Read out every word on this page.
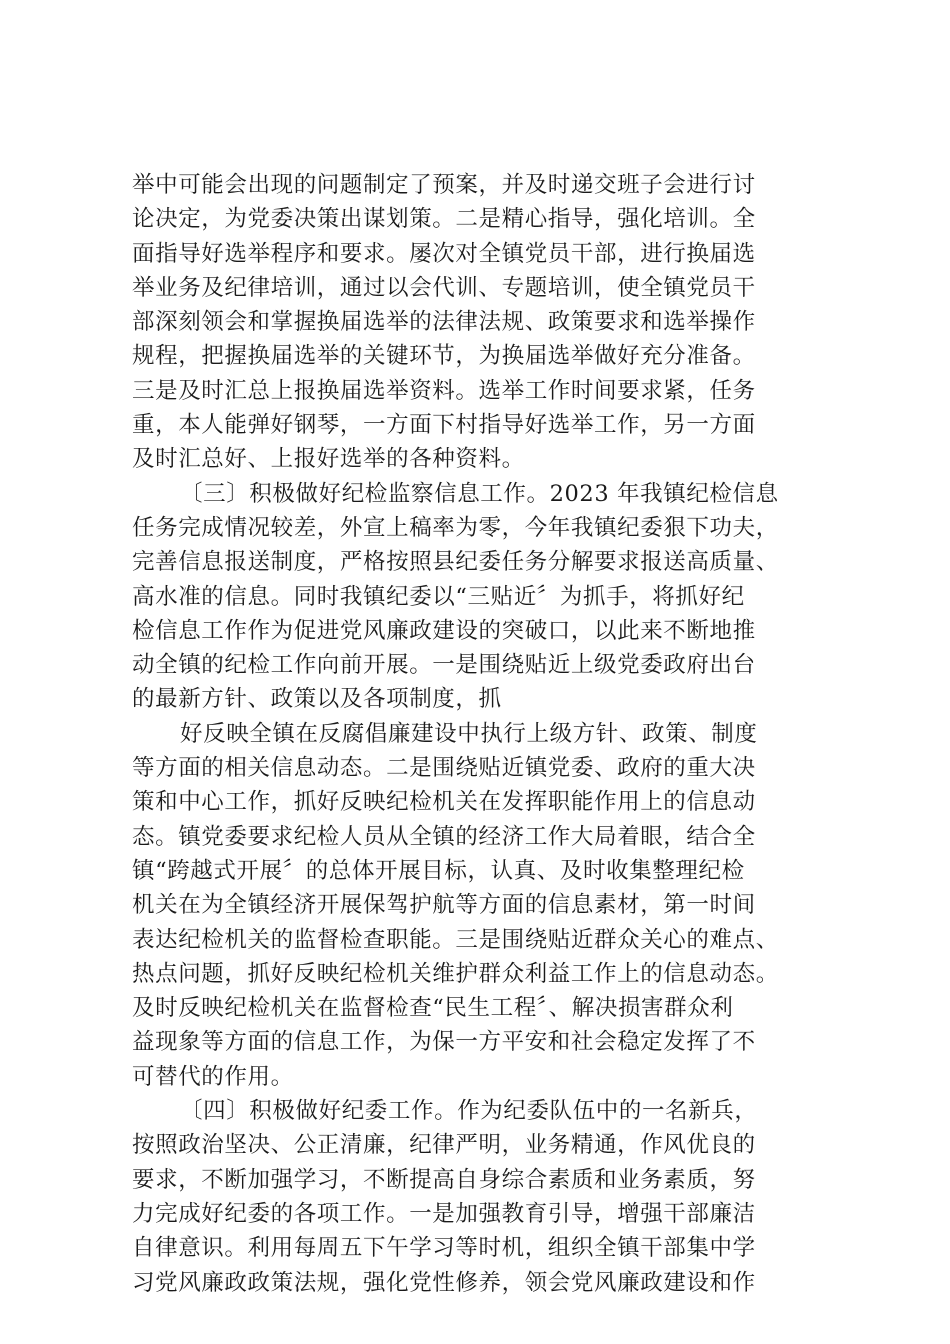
举中可能会出现的问题制定了预案，并及时递交班子会进行讨
论决定，为党委决策出谋划策。二是精心指导，强化培训。全
面指导好选举程序和要求。屡次对全镇党员干部，进行换届选
举业务及纪律培训，通过以会代训、专题培训，使全镇党员干
部深刻领会和掌握换届选举的法律法规、政策要求和选举操作
规程，把握换届选举的关键环节，为换届选举做好充分准备。
三是及时汇总上报换届选举资料。选举工作时间要求紧，任务
重，本人能弹好钢琴，一方面下村指导好选举工作，另一方面
及时汇总好、上报好选举的各种资料。
〔三〕积极做好纪检监察信息工作。2023 年我镇纪检信息
任务完成情况较差，外宣上稿率为零，今年我镇纪委狠下功夫，
完善信息报送制度，严格按照县纪委任务分解要求报送高质量、
高水准的信息。同时我镇纪委以“三贴近〞为抓手，将抓好纪
检信息工作作为促进党风廉政建设的突破口，以此来不断地推
动全镇的纪检工作向前开展。一是围绕贴近上级党委政府出台
的最新方针、政策以及各项制度，抓
好反映全镇在反腐倡廉建设中执行上级方针、政策、制度
等方面的相关信息动态。二是围绕贴近镇党委、政府的重大决
策和中心工作，抓好反映纪检机关在发挥职能作用上的信息动
态。镇党委要求纪检人员从全镇的经济工作大局着眼，结合全
镇“跨越式开展〞的总体开展目标，认真、及时收集整理纪检
机关在为全镇经济开展保驾护航等方面的信息素材，第一时间
表达纪检机关的监督检查职能。三是围绕贴近群众关心的难点、
热点问题，抓好反映纪检机关维护群众利益工作上的信息动态。
及时反映纪检机关在监督检查“民生工程〞、解决损害群众利
益现象等方面的信息工作，为保一方平安和社会稳定发挥了不
可替代的作用。
〔四〕积极做好纪委工作。作为纪委队伍中的一名新兵，
按照政治坚决、公正清廉，纪律严明，业务精通，作风优良的
要求，不断加强学习，不断提高自身综合素质和业务素质，努
力完成好纪委的各项工作。一是加强教育引导，增强干部廉洁
自律意识。利用每周五下午学习等时机，组织全镇干部集中学
习党风廉政政策法规，强化党性修养，领会党风廉政建设和作
